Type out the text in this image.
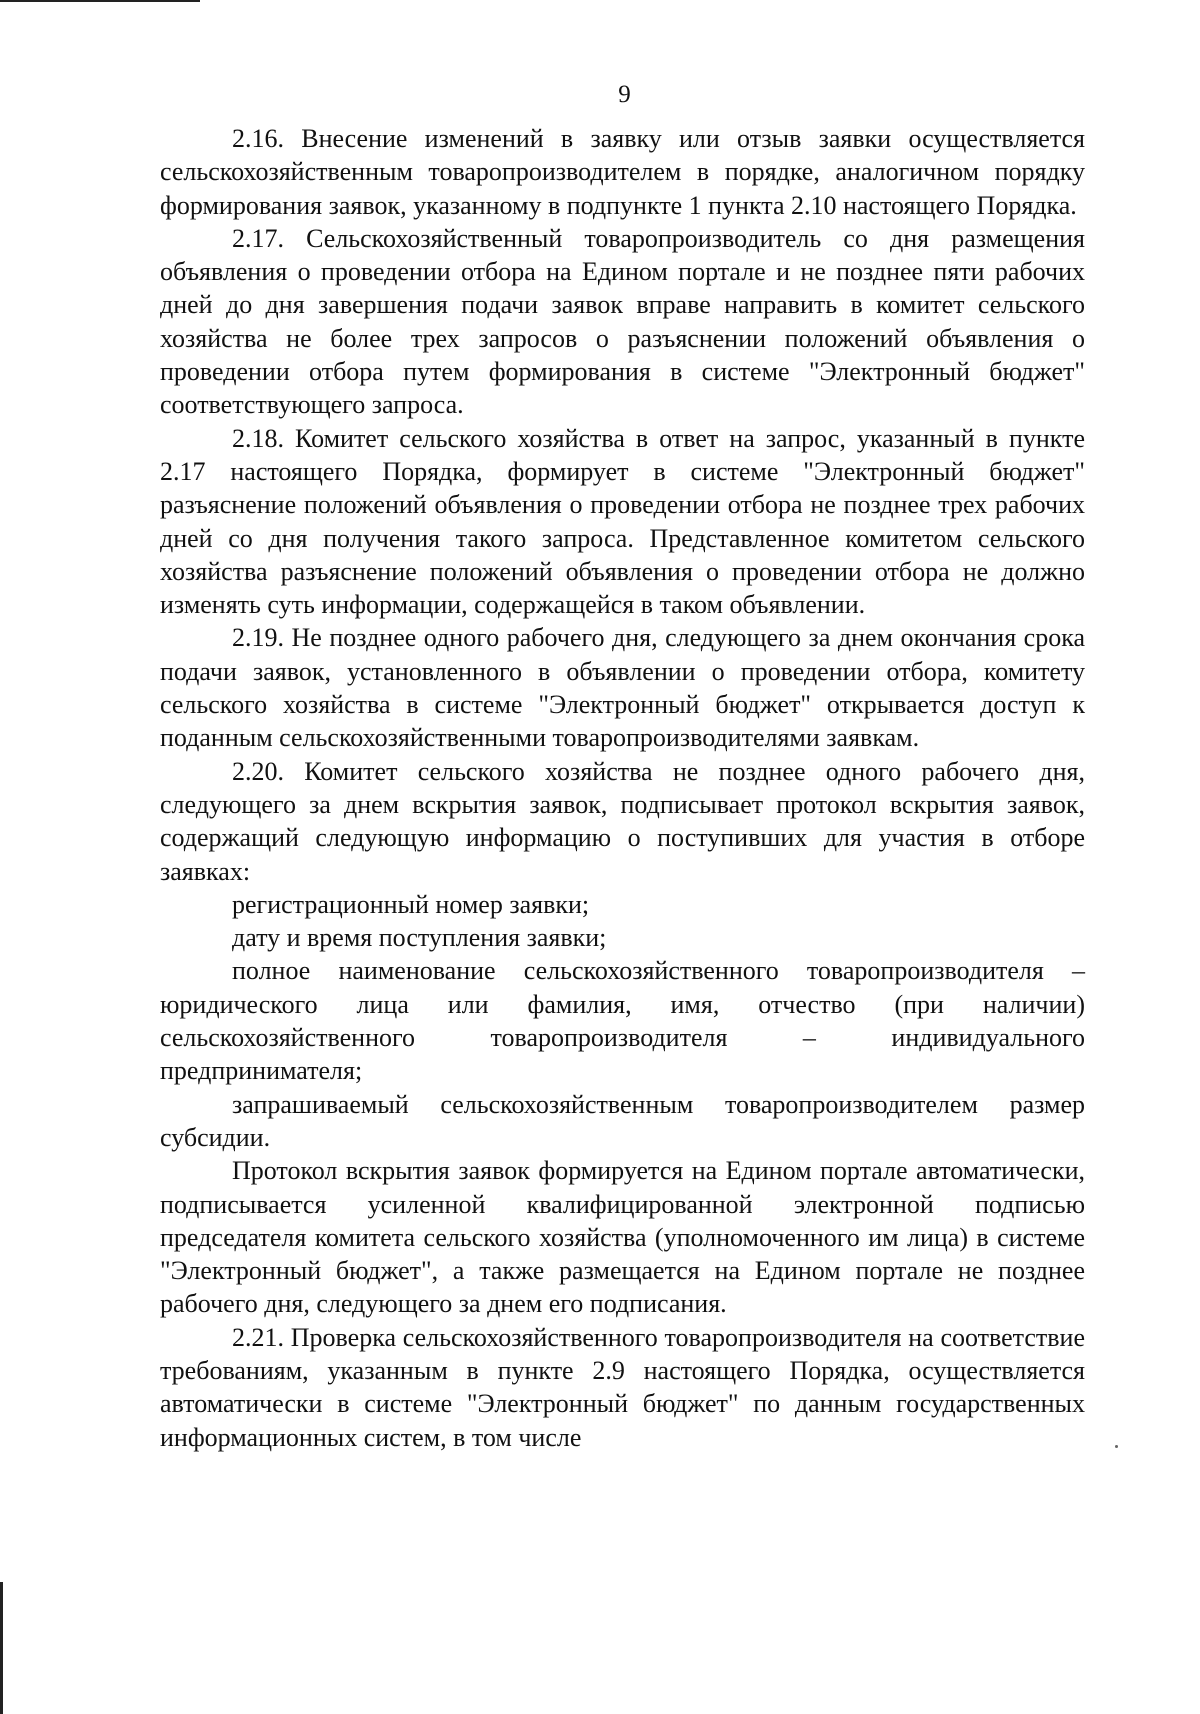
9

2.16. Внесение изменений в заявку или отзыв заявки осуществляется сельскохозяйственным товаропроизводителем в порядке, аналогичном порядку формирования заявок, указанному в подпункте 1 пункта 2.10 настоящего Порядка.

2.17. Сельскохозяйственный товаропроизводитель со дня размещения объявления о проведении отбора на Едином портале и не позднее пяти рабочих дней до дня завершения подачи заявок вправе направить в комитет сельского хозяйства не более трех запросов о разъяснении положений объявления о проведении отбора путем формирования в системе "Электронный бюджет" соответствующего запроса.

2.18. Комитет сельского хозяйства в ответ на запрос, указанный в пункте 2.17 настоящего Порядка, формирует в системе "Электронный бюджет" разъяснение положений объявления о проведении отбора не позднее трех рабочих дней со дня получения такого запроса. Представленное комитетом сельского хозяйства разъяснение положений объявления о проведении отбора не должно изменять суть информации, содержащейся в таком объявлении.

2.19. Не позднее одного рабочего дня, следующего за днем окончания срока подачи заявок, установленного в объявлении о проведении отбора, комитету сельского хозяйства в системе "Электронный бюджет" открывается доступ к поданным сельскохозяйственными товаропроизводителями заявкам.

2.20. Комитет сельского хозяйства не позднее одного рабочего дня, следующего за днем вскрытия заявок, подписывает протокол вскрытия заявок, содержащий следующую информацию о поступивших для участия в отборе заявках:

регистрационный номер заявки;

дату и время поступления заявки;

полное наименование сельскохозяйственного товаропроизводителя – юридического лица или фамилия, имя, отчество (при наличии) сельскохозяйственного товаропроизводителя – индивидуального предпринимателя;

запрашиваемый сельскохозяйственным товаропроизводителем размер субсидии.

Протокол вскрытия заявок формируется на Едином портале автоматически, подписывается усиленной квалифицированной электронной подписью председателя комитета сельского хозяйства (уполномоченного им лица) в системе "Электронный бюджет", а также размещается на Едином портале не позднее рабочего дня, следующего за днем его подписания.

2.21. Проверка сельскохозяйственного товаропроизводителя на соответствие требованиям, указанным в пункте 2.9 настоящего Порядка, осуществляется автоматически в системе "Электронный бюджет" по данным государственных информационных систем, в том числе
